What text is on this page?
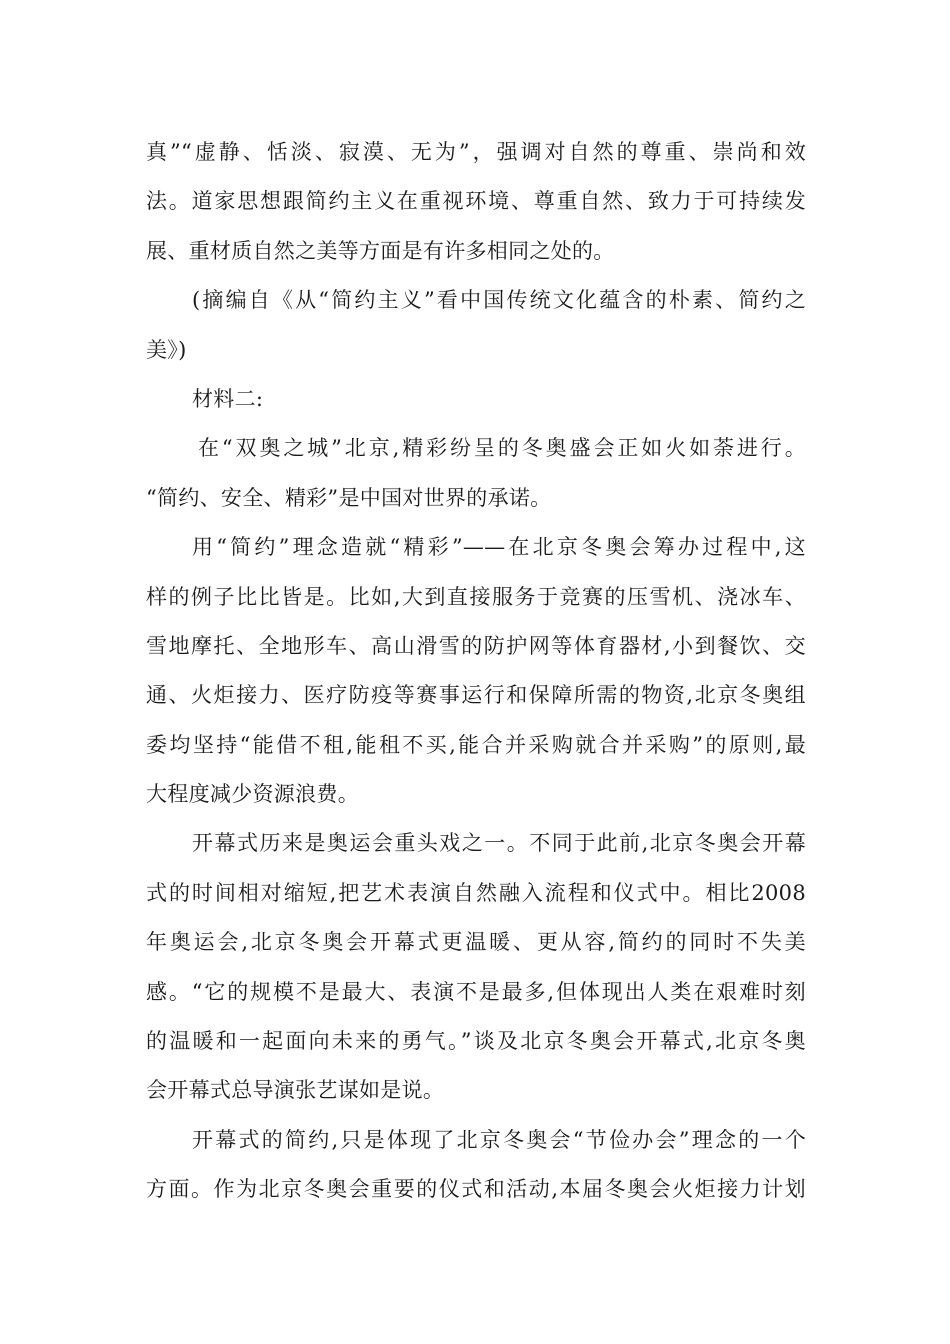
真”“虚静、恬淡、寂漠、无为”，强调对自然的尊重、崇尚和效
法。道家思想跟简约主义在重视环境、尊重自然、致力于可持续发
展、重材质自然之美等方面是有许多相同之处的。
(摘编自《从“简约主义”看中国传统文化蕴含的朴素、简约之
美》)
材料二:
在“双奥之城”北京,精彩纷呈的冬奥盛会正如火如荼进行。
“简约、安全、精彩”是中国对世界的承诺。
用“简约”理念造就“精彩”——在北京冬奥会筹办过程中,这
样的例子比比皆是。比如,大到直接服务于竞赛的压雪机、浇冰车、
雪地摩托、全地形车、高山滑雪的防护网等体育器材,小到餐饮、交
通、火炬接力、医疗防疫等赛事运行和保障所需的物资,北京冬奥组
委均坚持“能借不租,能租不买,能合并采购就合并采购”的原则,最
大程度减少资源浪费。
开幕式历来是奥运会重头戏之一。不同于此前,北京冬奥会开幕
式的时间相对缩短,把艺术表演自然融入流程和仪式中。相比2008
年奥运会,北京冬奥会开幕式更温暖、更从容,简约的同时不失美
感。“它的规模不是最大、表演不是最多,但体现出人类在艰难时刻
的温暖和一起面向未来的勇气。”谈及北京冬奥会开幕式,北京冬奥
会开幕式总导演张艺谋如是说。
开幕式的简约,只是体现了北京冬奥会“节俭办会”理念的一个
方面。作为北京冬奥会重要的仪式和活动,本届冬奥会火炬接力计划
